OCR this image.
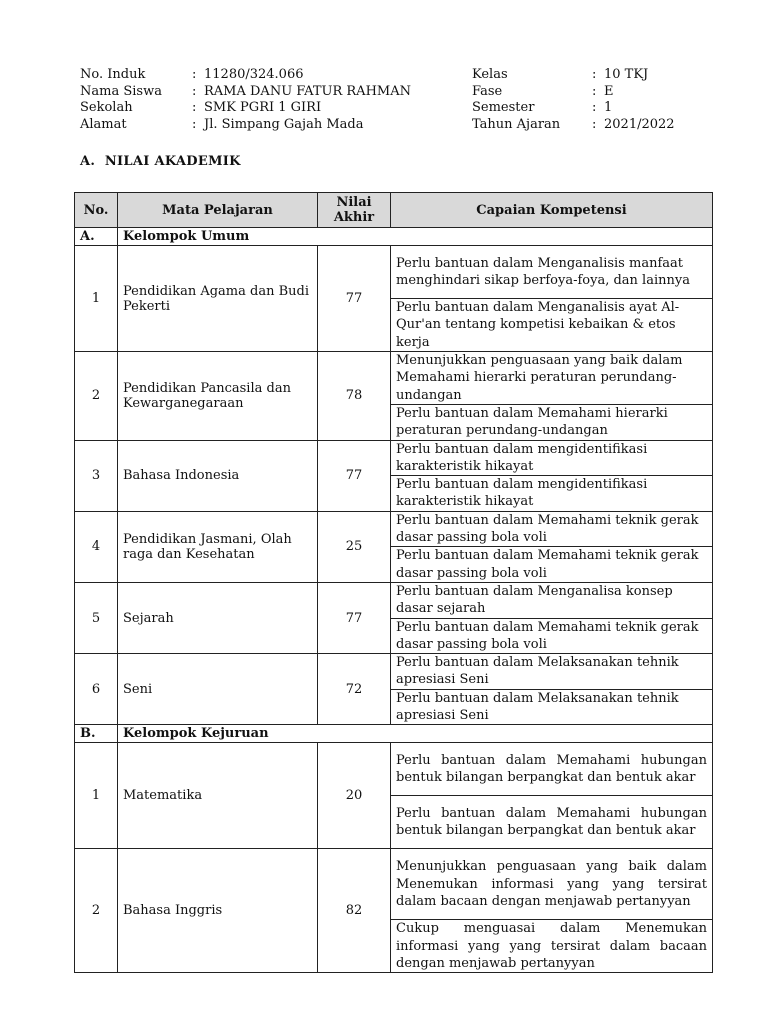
No. Induk	: 11280/324.066
Nama Siswa	: RAMA DANU FATUR RAHMAN
Sekolah	: SMK PGRI 1 GIRI
Alamat	: Jl. Simpang Gajah Mada
Kelas	: 10 TKJ
Fase	: E
Semester	: 1
Tahun Ajaran	: 2021/2022
A.  NILAI AKADEMIK
No.	Mata Pelajaran	Nilai Akhir	Capaian Kompetensi
A.	Kelompok Umum		
1	Pendidikan Agama dan Budi Pekerti	77	Perlu bantuan dalam Menganalisis manfaat menghindari sikap berfoya-foya, dan lainnya
			Perlu bantuan dalam Menganalisis ayat Al-Qur'an tentang kompetisi kebaikan & etos kerja
2	Pendidikan Pancasila dan Kewarganegaraan	78	Menunjukkan penguasaan yang baik dalam Memahami hierarki peraturan perundang-undangan
			Perlu bantuan dalam Memahami hierarki peraturan perundang-undangan
3	Bahasa Indonesia	77	Perlu bantuan dalam mengidentifikasi karakteristik hikayat
			Perlu bantuan dalam mengidentifikasi karakteristik hikayat
4	Pendidikan Jasmani, Olah raga dan Kesehatan	25	Perlu bantuan dalam Memahami teknik gerak dasar passing bola voli
			Perlu bantuan dalam Memahami teknik gerak dasar passing bola voli
5	Sejarah	77	Perlu bantuan dalam Menganalisa konsep dasar sejarah
			Perlu bantuan dalam Memahami teknik gerak dasar passing bola voli
6	Seni	72	Perlu bantuan dalam Melaksanakan tehnik apresiasi Seni
			Perlu bantuan dalam Melaksanakan tehnik apresiasi Seni
B.	Kelompok Kejuruan		
1	Matematika	20	Perlu bantuan dalam Memahami hubungan bentuk bilangan berpangkat dan bentuk akar
			Perlu bantuan dalam Memahami hubungan bentuk bilangan berpangkat dan bentuk akar
2	Bahasa Inggris	82	Menunjukkan penguasaan yang baik dalam Menemukan informasi yang yang tersirat dalam bacaan dengan menjawab pertanyyan
			Cukup menguasai dalam Menemukan informasi yang yang tersirat dalam bacaan dengan menjawab pertanyyan
